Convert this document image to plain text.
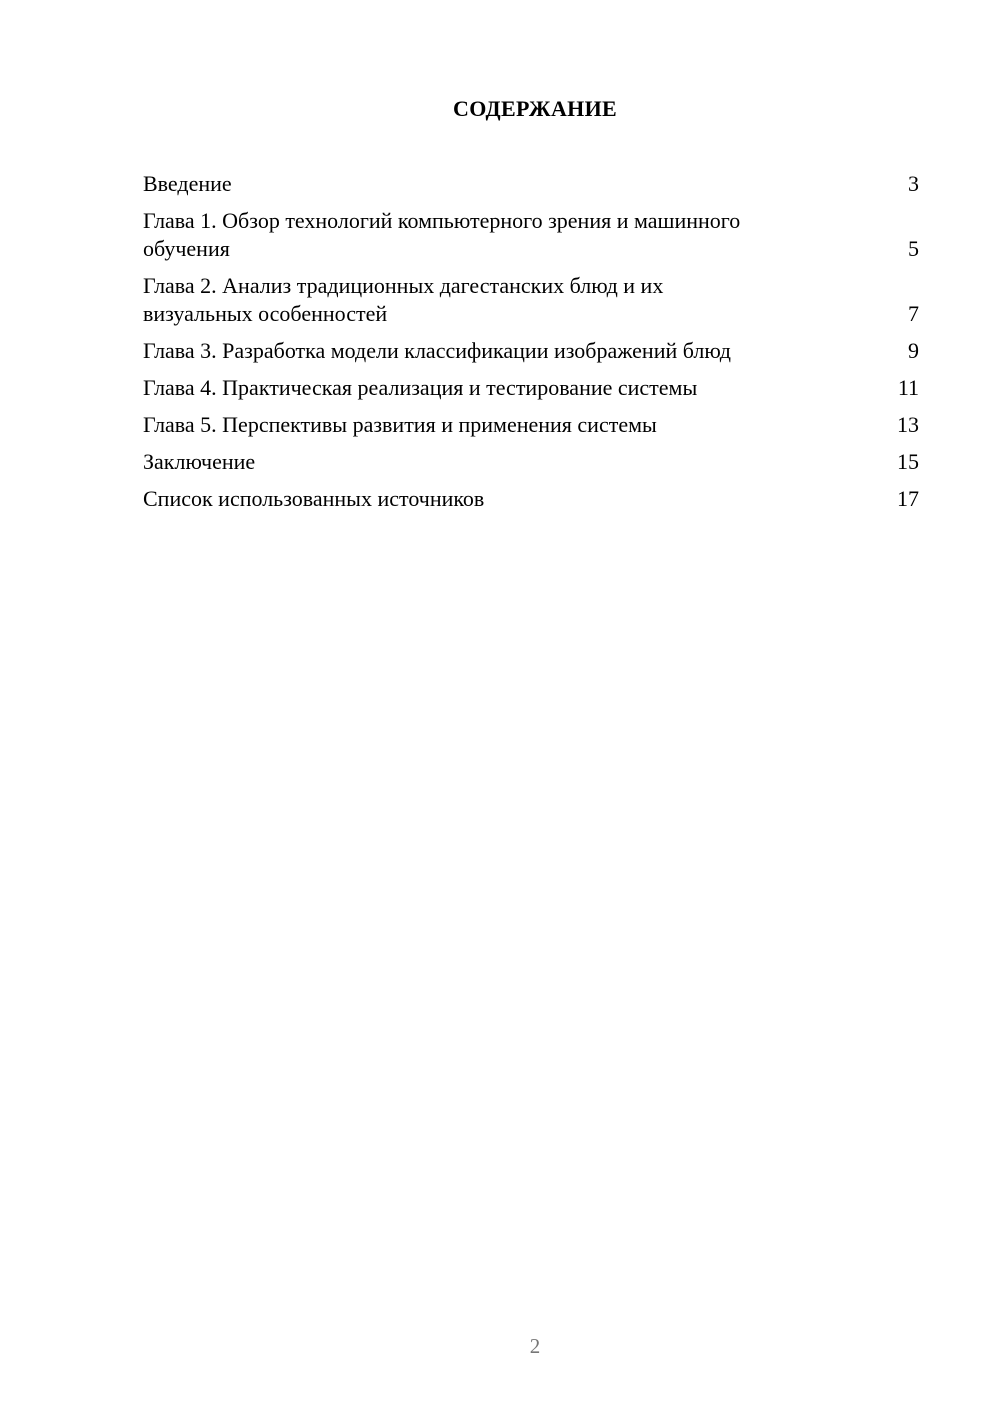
СОДЕРЖАНИЕ
Введение	3
Глава 1. Обзор технологий компьютерного зрения и машинного обучения	5
Глава 2. Анализ традиционных дагестанских блюд и их визуальных особенностей	7
Глава 3. Разработка модели классификации изображений блюд	9
Глава 4. Практическая реализация и тестирование системы	11
Глава 5. Перспективы развития и применения системы	13
Заключение	15
Список использованных источников	17
2
